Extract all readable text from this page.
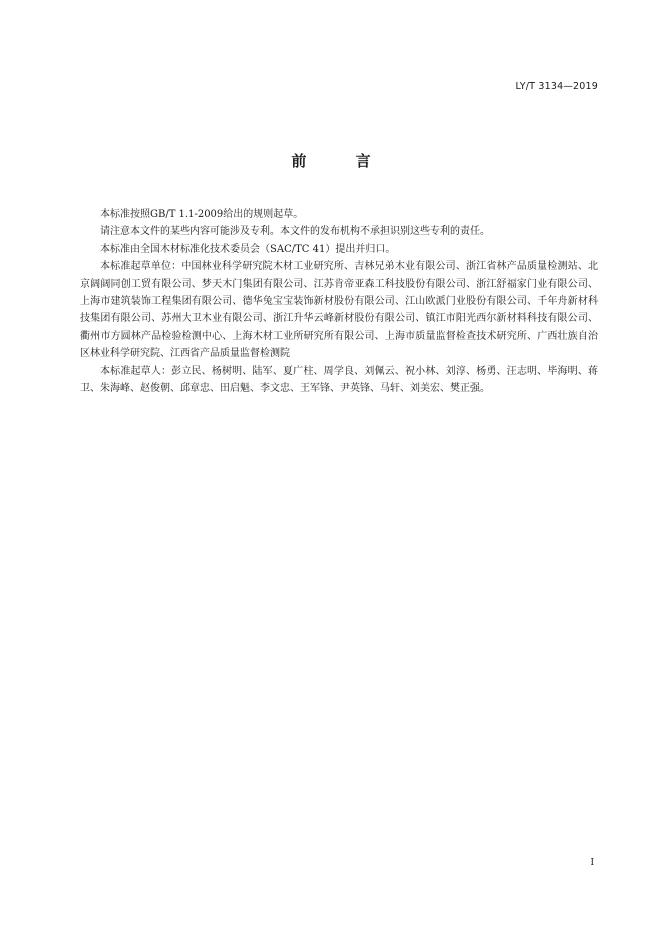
LY/T 3134—2019
前 言

本标准按照GB/T 1.1-2009给出的规则起草。

请注意本文件的某些内容可能涉及专利。本文件的发布机构不承担识别这些专利的责任。

本标准由全国木材标准化技术委员会（SAC/TC 41）提出并归口。

本标准起草单位：中国林业科学研究院木材工业研究所、吉林兄弟木业有限公司、浙江省林产品质量检测站、北京阔阔同创工贸有限公司、梦天木门集团有限公司、江苏肯帝亚森工科技股份有限公司、浙江舒福家门业有限公司、上海市建筑装饰工程集团有限公司、德华兔宝宝装饰新材股份有限公司、江山欧派门业股份有限公司、千年舟新材科技集团有限公司、苏州大卫木业有限公司、浙江升华云峰新材股份有限公司、镇江市阳光西尔新材料科技有限公司、衢州市方圆林产品检验检测中心、上海木材工业所研究所有限公司、上海市质量监督检查技术研究所、广西壮族自治区林业科学研究院、江西省产品质量监督检测院

本标准起草人：彭立民、杨树明、陆军、夏广柱、周学良、刘佩云、祝小林、刘淳、杨勇、汪志明、毕海明、蒋卫、朱海峰、赵俊朝、邱章忠、田启魁、李文忠、王军锋、尹英锋、马轩、刘美宏、樊正强。

I
